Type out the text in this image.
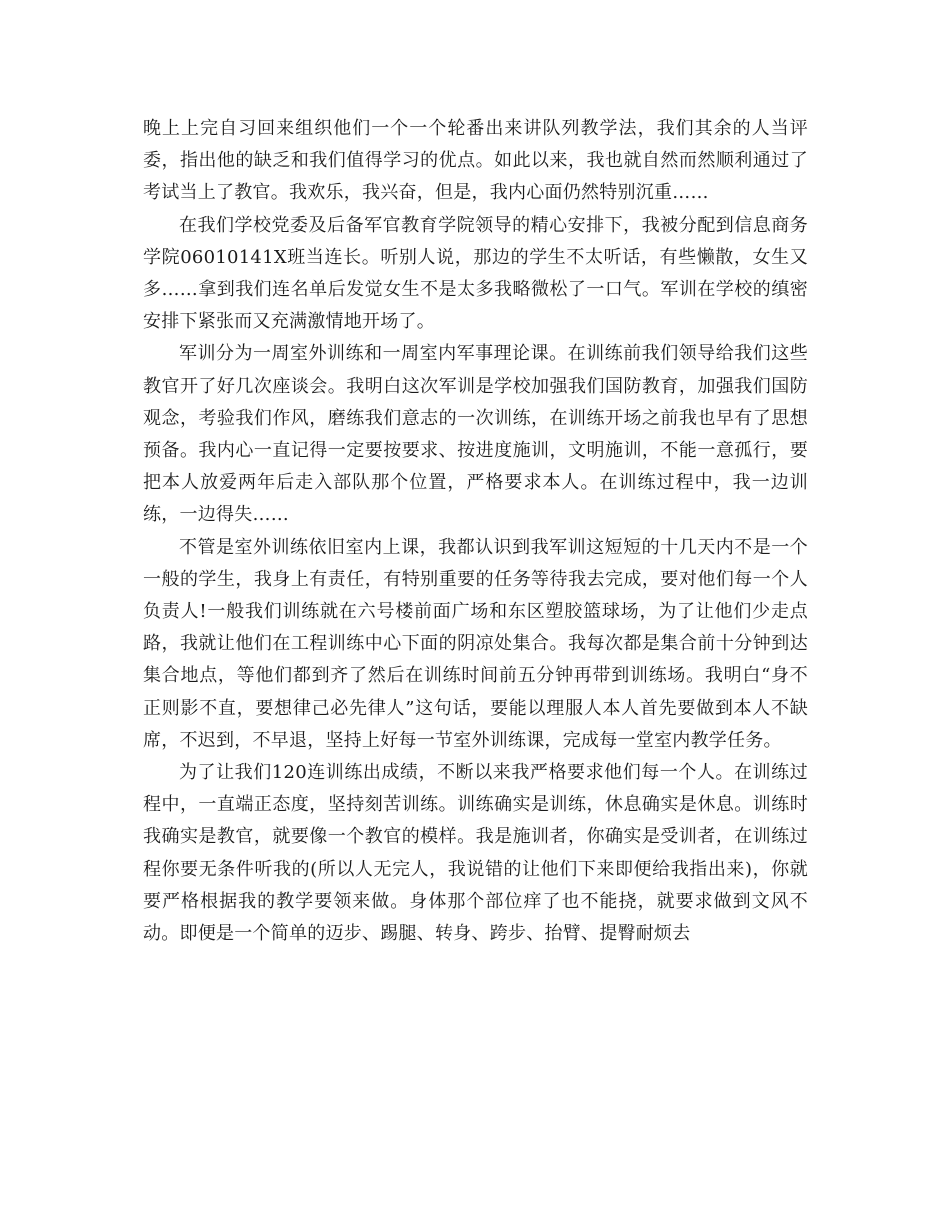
晚上上完自习回来组织他们一个一个轮番出来讲队列教学法，我们其余的人当评委，指出他的缺乏和我们值得学习的优点。如此以来，我也就自然而然顺利通过了考试当上了教官。我欢乐，我兴奋，但是，我内心面仍然特别沉重……

在我们学校党委及后备军官教育学院领导的精心安排下，我被分配到信息商务学院06010141X班当连长。听别人说，那边的学生不太听话，有些懒散，女生又多……拿到我们连名单后发觉女生不是太多我略微松了一口气。军训在学校的缜密安排下紧张而又充满激情地开场了。

军训分为一周室外训练和一周室内军事理论课。在训练前我们领导给我们这些教官开了好几次座谈会。我明白这次军训是学校加强我们国防教育，加强我们国防观念，考验我们作风，磨练我们意志的一次训练，在训练开场之前我也早有了思想预备。我内心一直记得一定要按要求、按进度施训，文明施训，不能一意孤行，要把本人放爱两年后走入部队那个位置，严格要求本人。在训练过程中，我一边训练，一边得失……

不管是室外训练依旧室内上课，我都认识到我军训这短短的十几天内不是一个一般的学生，我身上有责任，有特别重要的任务等待我去完成，要对他们每一个人负责人!一般我们训练就在六号楼前面广场和东区塑胶篮球场，为了让他们少走点路，我就让他们在工程训练中心下面的阴凉处集合。我每次都是集合前十分钟到达集合地点，等他们都到齐了然后在训练时间前五分钟再带到训练场。我明白“身不正则影不直，要想律己必先律人”这句话，要能以理服人本人首先要做到本人不缺席，不迟到，不早退，坚持上好每一节室外训练课，完成每一堂室内教学任务。

为了让我们120连训练出成绩，不断以来我严格要求他们每一个人。在训练过程中，一直端正态度，坚持刻苦训练。训练确实是训练，休息确实是休息。训练时我确实是教官，就要像一个教官的模样。我是施训者，你确实是受训者，在训练过程你要无条件听我的(所以人无完人，我说错的让他们下来即便给我指出来)，你就要严格根据我的教学要领来做。身体那个部位痒了也不能挠，就要求做到文风不动。即便是一个简单的迈步、踢腿、转身、跨步、抬臂、提臀耐烦去
